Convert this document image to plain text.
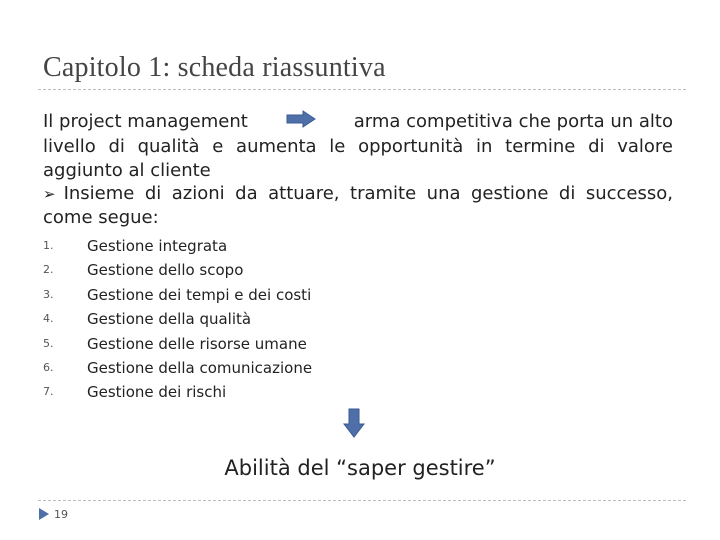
Capitolo 1: scheda riassuntiva
Il project management	arma competitiva che porta un alto
livello di qualità e aumenta le opportunità in termine di valore aggiunto al cliente
➢ Insieme di azioni da attuare, tramite una gestione di successo, come segue:
1.	Gestione integrata
2.	Gestione dello scopo
3.	Gestione dei tempi e dei costi
4.	Gestione della qualità
5.	Gestione delle risorse umane
6.	Gestione della comunicazione
7.	Gestione dei rischi
Abilità del “saper gestire”
19
